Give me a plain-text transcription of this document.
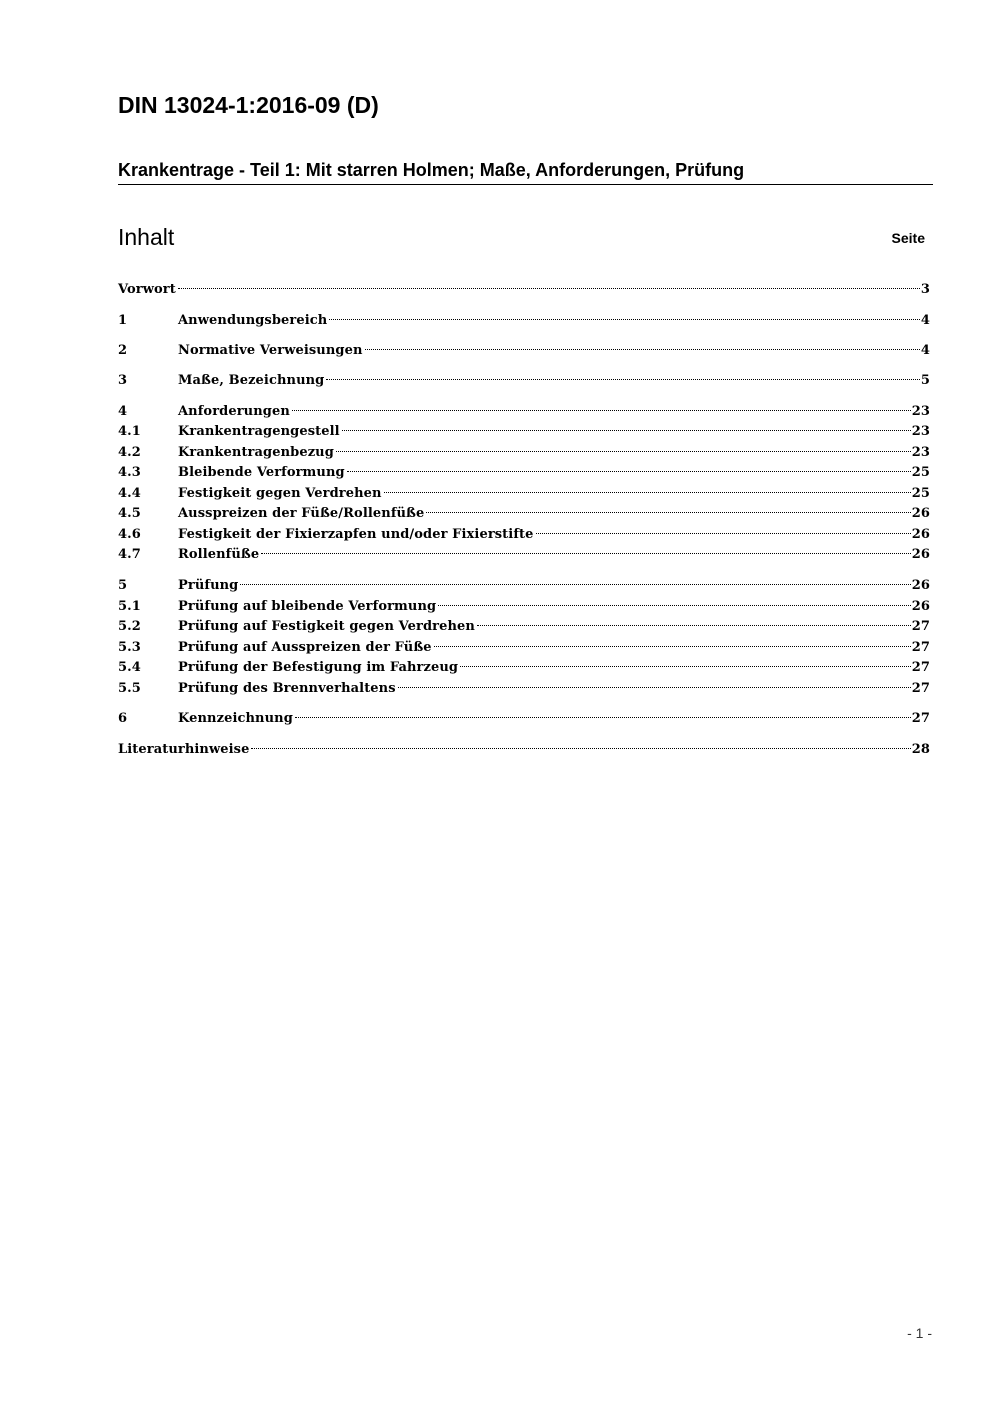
DIN 13024-1:2016-09 (D)
Krankentrage - Teil 1: Mit starren Holmen; Maße, Anforderungen, Prüfung
Inhalt	Seite
Vorwort	3
1	Anwendungsbereich	4
2	Normative Verweisungen	4
3	Maße, Bezeichnung	5
4	Anforderungen	23
4.1	Krankentragengestell	23
4.2	Krankentragenbezug	23
4.3	Bleibende Verformung	25
4.4	Festigkeit gegen Verdrehen	25
4.5	Ausspreizen der Füße/Rollenfüße	26
4.6	Festigkeit der Fixierzapfen und/oder Fixierstifte	26
4.7	Rollenfüße	26
5	Prüfung	26
5.1	Prüfung auf bleibende Verformung	26
5.2	Prüfung auf Festigkeit gegen Verdrehen	27
5.3	Prüfung auf Ausspreizen der Füße	27
5.4	Prüfung der Befestigung im Fahrzeug	27
5.5	Prüfung des Brennverhaltens	27
6	Kennzeichnung	27
Literaturhinweise	28
- 1 -
